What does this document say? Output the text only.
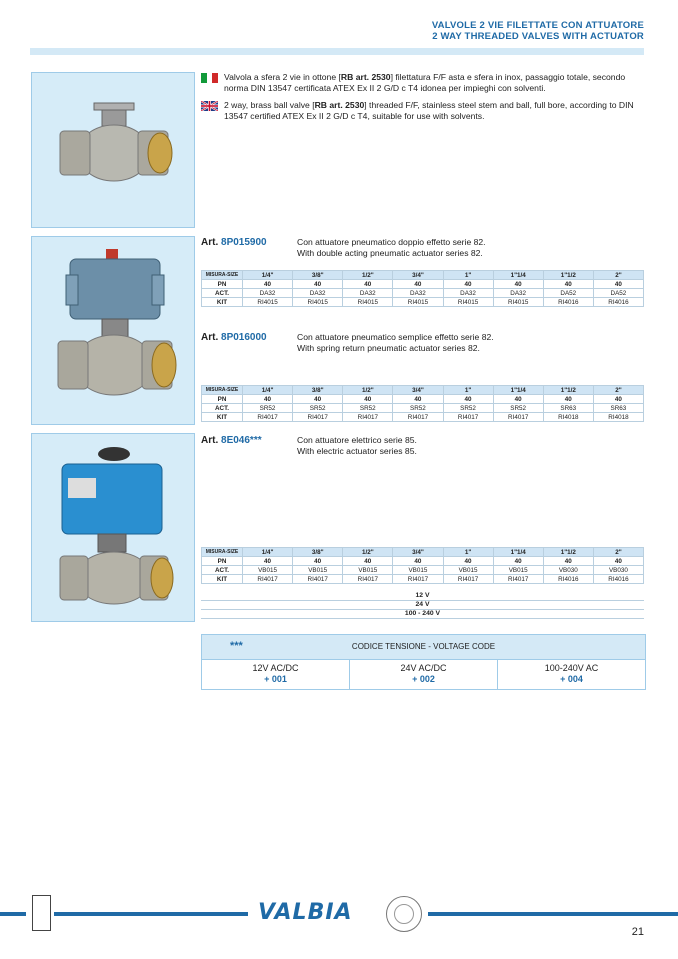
VALVOLE 2 VIE FILETTATE CON ATTUATORE
2 WAY THREADED VALVES WITH ACTUATOR
Valvola a sfera 2 vie in ottone [RB art. 2530] filettatura F/F asta e sfera in inox, passaggio totale, secondo norma DIN 13547 certificata ATEX Ex II 2 G/D c T4 idonea per impieghi con solventi.
2 way, brass ball valve [RB art. 2530] threaded F/F, stainless steel stem and ball, full bore, according to DIN 13547 certified ATEX Ex II 2 G/D c T4, suitable for use with solvents.
Art. 8P015900	Con attuatore pneumatico doppio effetto serie 82.
With double acting pneumatic actuator series 82.
MISURA-SIZE	1/4"	3/8"	1/2"	3/4"	1"	1"1/4	1"1/2	2"
PN	40	40	40	40	40	40	40	40
ACT.	DA32	DA32	DA32	DA32	DA32	DA32	DA52	DA52
KIT	RI4015	RI4015	RI4015	RI4015	RI4015	RI4015	RI4016	RI4016
Art. 8P016000	Con attuatore pneumatico semplice effetto serie 82.
With spring return pneumatic actuator series 82.
MISURA-SIZE	1/4"	3/8"	1/2"	3/4"	1"	1"1/4	1"1/2	2"
PN	40	40	40	40	40	40	40	40
ACT.	SR52	SR52	SR52	SR52	SR52	SR52	SR63	SR63
KIT	RI4017	RI4017	RI4017	RI4017	RI4017	RI4017	RI4018	RI4018
Art. 8E046***	Con attuatore elettrico serie 85.
With electric actuator series 85.
MISURA-SIZE	1/4"	3/8"	1/2"	3/4"	1"	1"1/4	1"1/2	2"
PN	40	40	40	40	40	40	40	40
ACT.	VB015	VB015	VB015	VB015	VB015	VB015	VB030	VB030
KIT	RI4017	RI4017	RI4017	RI4017	RI4017	RI4017	RI4016	RI4016
12 V
24 V
100 - 240 V
***	CODICE TENSIONE - VOLTAGE CODE
12V AC/DC
+ 001
24V AC/DC
+ 002
100-240V AC
+ 004
VALBIA
21
